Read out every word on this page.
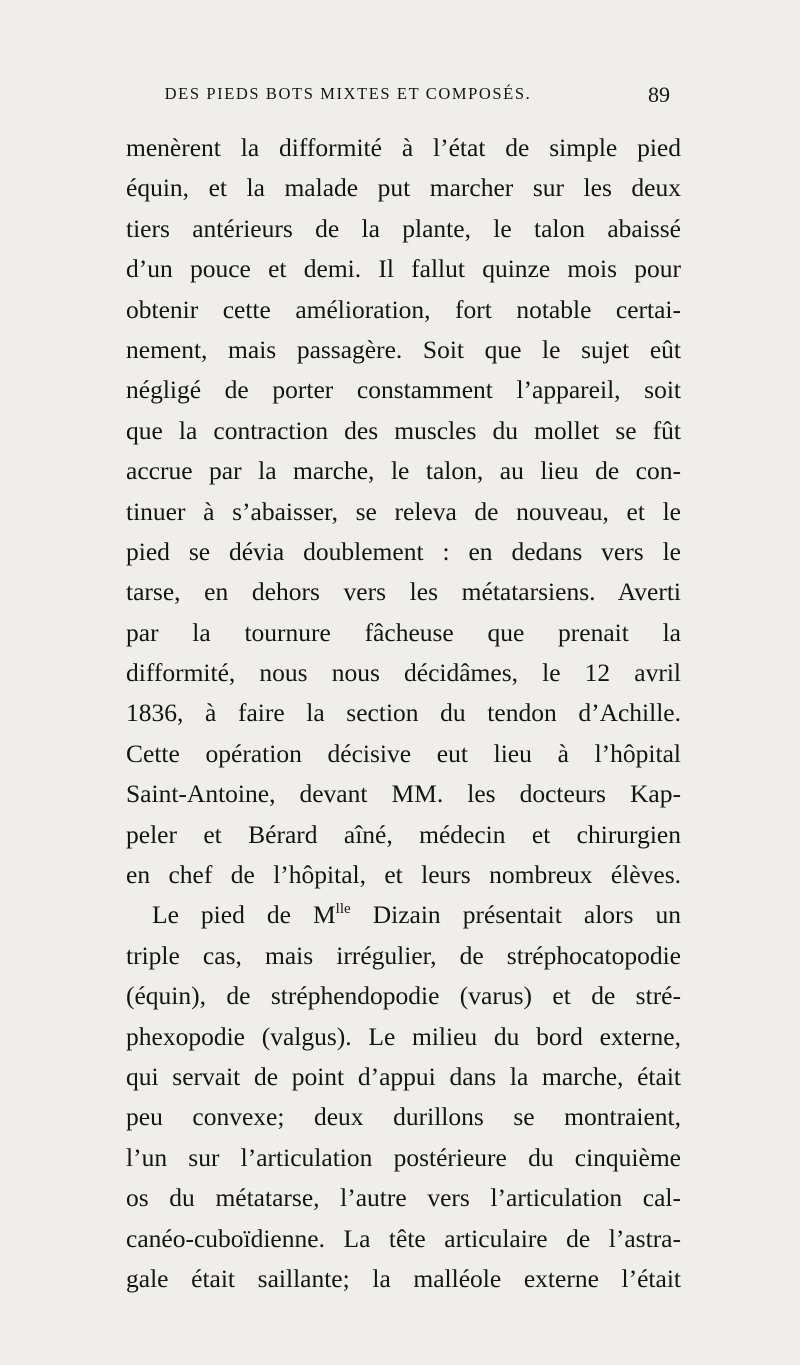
DES PIEDS BOTS MIXTES ET COMPOSÉS.	89
menèrent la difformité à l’état de simple pied
équin, et la malade put marcher sur les deux
tiers antérieurs de la plante, le talon abaissé
d’un pouce et demi. Il fallut quinze mois pour
obtenir cette amélioration, fort notable certai-
nement, mais passagère. Soit que le sujet eût
négligé de porter constamment l’appareil, soit
que la contraction des muscles du mollet se fût
accrue par la marche, le talon, au lieu de con-
tinuer à s’abaisser, se releva de nouveau, et le
pied se dévia doublement : en dedans vers le
tarse, en dehors vers les métatarsiens. Averti
par la tournure fâcheuse que prenait la
difformité, nous nous décidâmes, le 12 avril
1836, à faire la section du tendon d’Achille.
Cette opération décisive eut lieu à l’hôpital
Saint-Antoine, devant MM. les docteurs Kap-
peler et Bérard aîné, médecin et chirurgien
en chef de l’hôpital, et leurs nombreux élèves.
Le pied de $M^{lle}$ Dizain présentait alors un
triple cas, mais irrégulier, de stréphocatopodie
(équin), de stréphendopodie (varus) et de stré-
phexopodie (valgus). Le milieu du bord externe,
qui servait de point d’appui dans la marche, était
peu convexe; deux durillons se montraient,
l’un sur l’articulation postérieure du cinquième
os du métatarse, l’autre vers l’articulation cal-
canéo-cuboïdienne. La tête articulaire de l’astra-
gale était saillante; la malléole externe l’était
